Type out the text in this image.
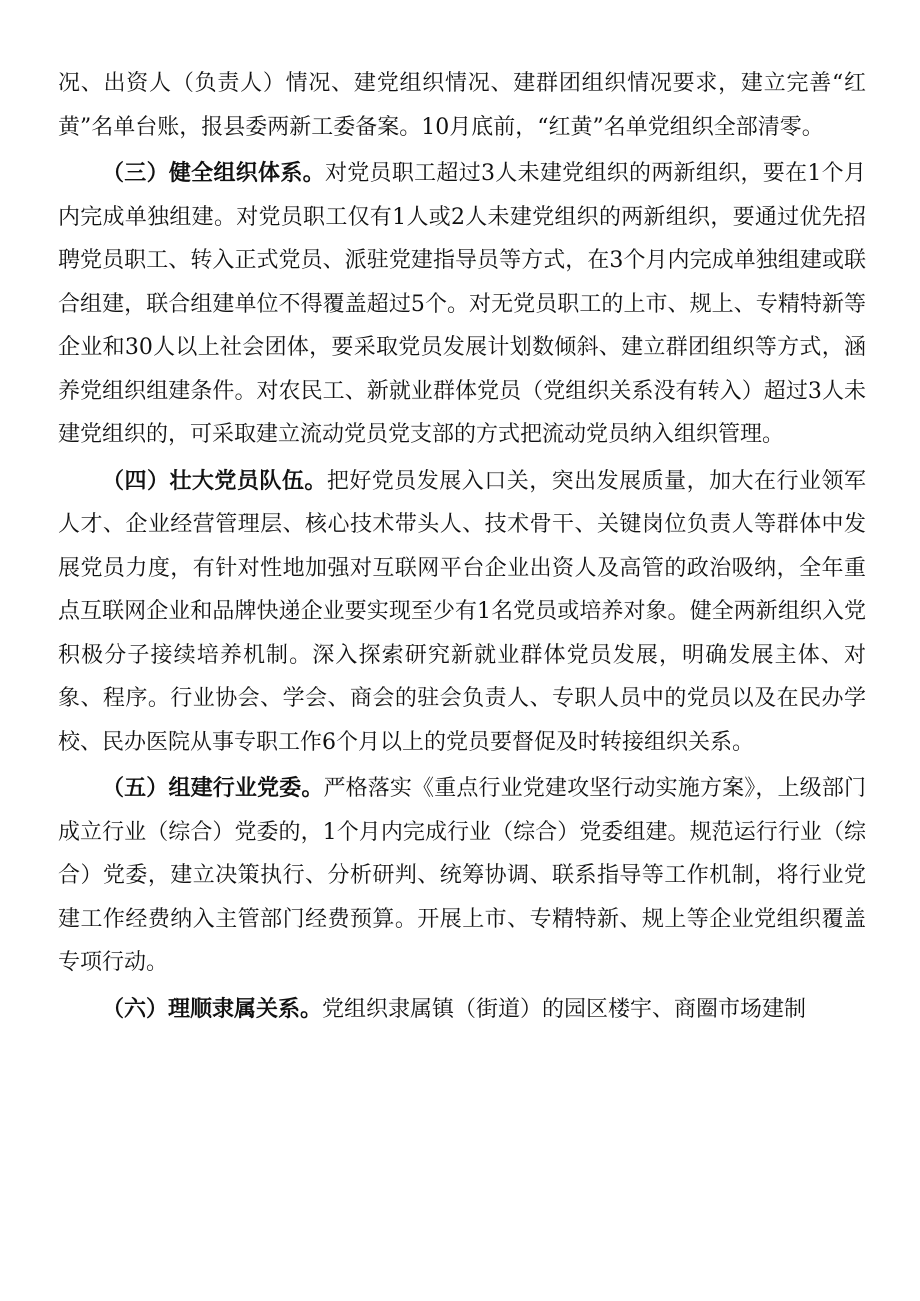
况、出资人（负责人）情况、建党组织情况、建群团组织情况要求，建立完善“红黄”名单台账，报县委两新工委备案。10月底前，“红黄”名单党组织全部清零。

（三）健全组织体系。对党员职工超过3人未建党组织的两新组织，要在1个月内完成单独组建。对党员职工仅有1人或2人未建党组织的两新组织，要通过优先招聘党员职工、转入正式党员、派驻党建指导员等方式，在3个月内完成单独组建或联合组建，联合组建单位不得覆盖超过5个。对无党员职工的上市、规上、专精特新等企业和30人以上社会团体，要采取党员发展计划数倾斜、建立群团组织等方式，涵养党组织组建条件。对农民工、新就业群体党员（党组织关系没有转入）超过3人未建党组织的，可采取建立流动党员党支部的方式把流动党员纳入组织管理。

（四）壮大党员队伍。把好党员发展入口关，突出发展质量，加大在行业领军人才、企业经营管理层、核心技术带头人、技术骨干、关键岗位负责人等群体中发展党员力度，有针对性地加强对互联网平台企业出资人及高管的政治吸纳，全年重点互联网企业和品牌快递企业要实现至少有1名党员或培养对象。健全两新组织入党积极分子接续培养机制。深入探索研究新就业群体党员发展，明确发展主体、对象、程序。行业协会、学会、商会的驻会负责人、专职人员中的党员以及在民办学校、民办医院从事专职工作6个月以上的党员要督促及时转接组织关系。

（五）组建行业党委。严格落实《重点行业党建攻坚行动实施方案》，上级部门成立行业（综合）党委的，1个月内完成行业（综合）党委组建。规范运行行业（综合）党委，建立决策执行、分析研判、统筹协调、联系指导等工作机制，将行业党建工作经费纳入主管部门经费预算。开展上市、专精特新、规上等企业党组织覆盖专项行动。

（六）理顺隶属关系。党组织隶属镇（街道）的园区楼宇、商圈市场建制
